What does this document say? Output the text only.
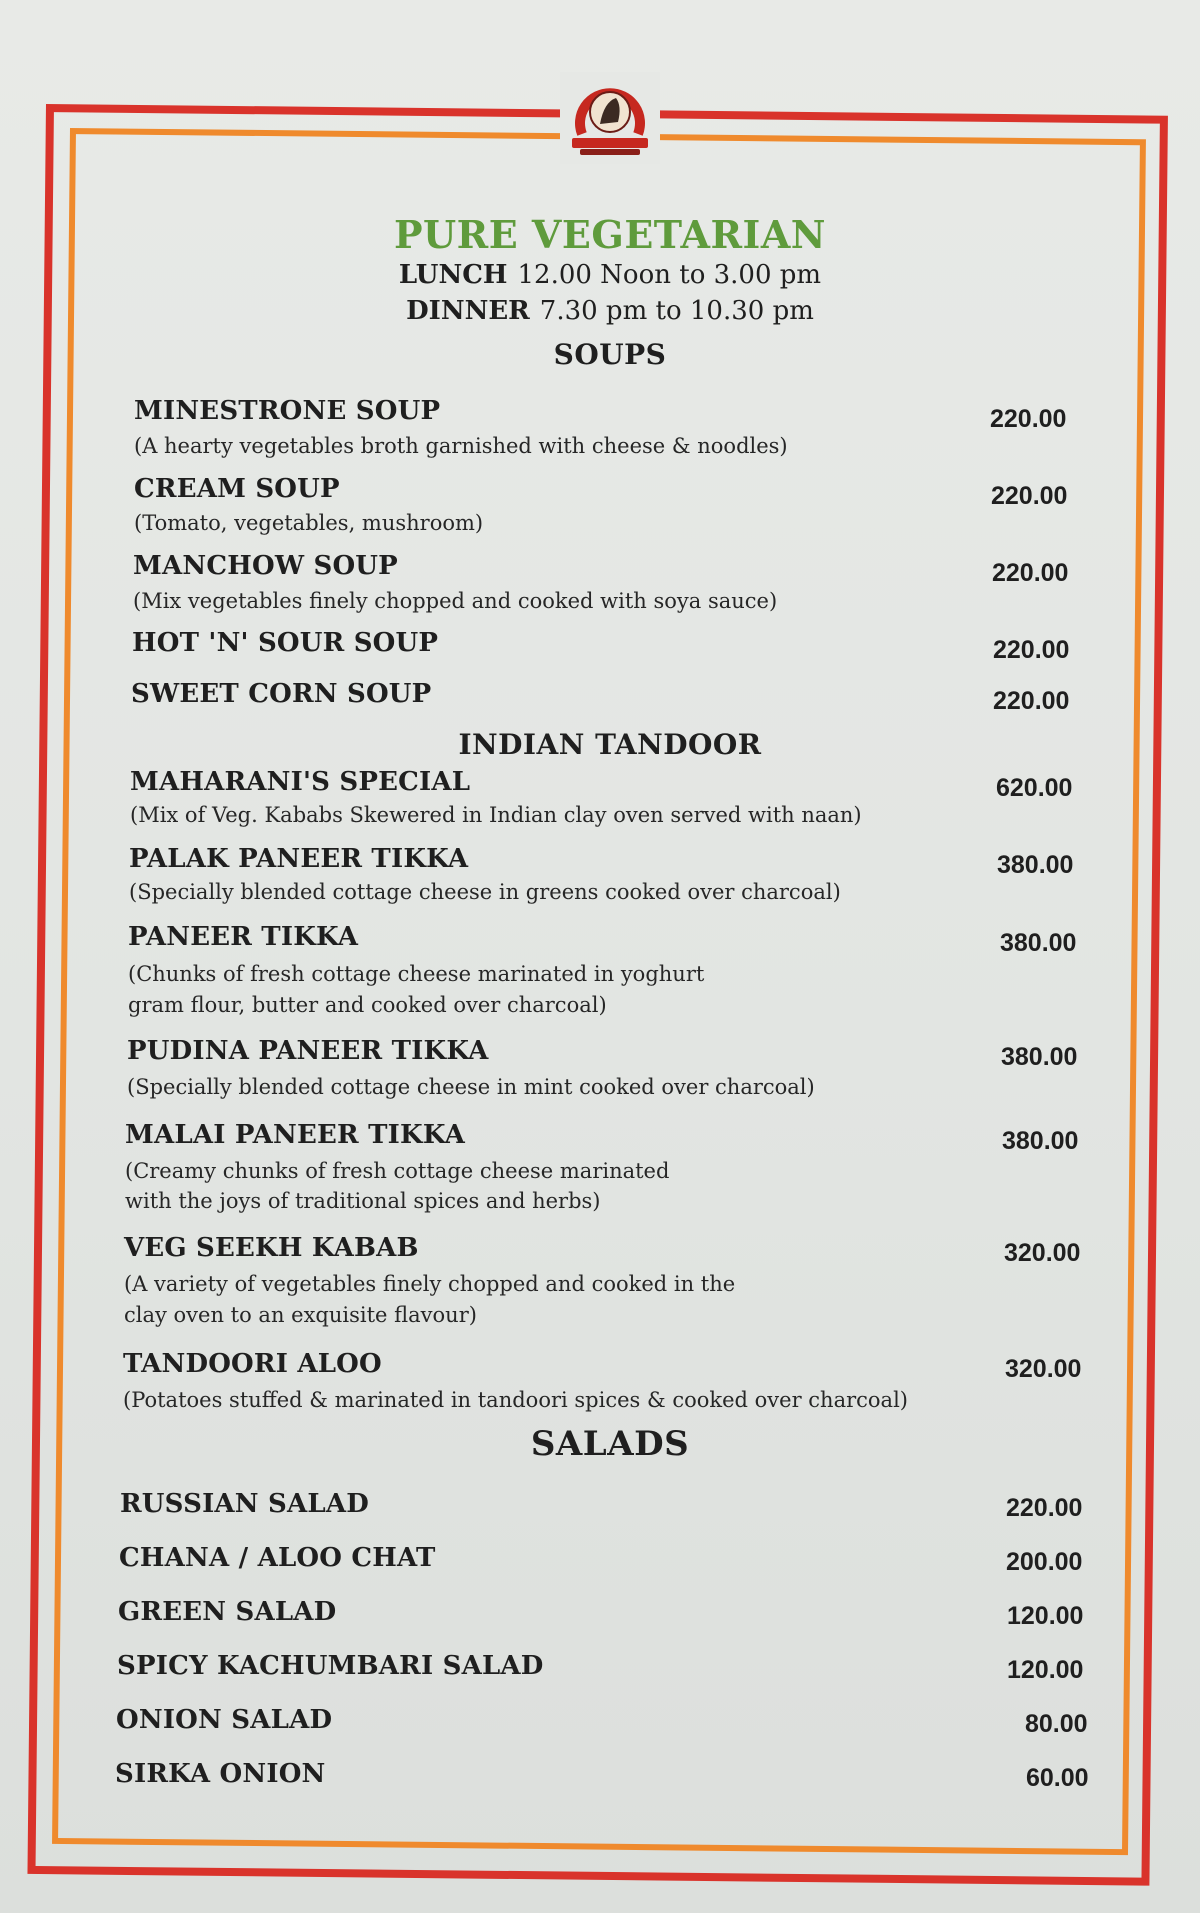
PURE VEGETARIAN
LUNCH 12.00 Noon to 3.00 pm
DINNER 7.30 pm to 10.30 pm
SOUPS
MINESTRONE SOUP
(A hearty vegetables broth garnished with cheese & noodles)
220.00
CREAM SOUP
(Tomato, vegetables, mushroom)
220.00
MANCHOW SOUP
(Mix vegetables finely chopped and cooked with soya sauce)
220.00
HOT 'N' SOUR SOUP	220.00
SWEET CORN SOUP	220.00
INDIAN TANDOOR
MAHARANI'S SPECIAL
(Mix of Veg. Kababs Skewered in Indian clay oven served with naan)
620.00
PALAK PANEER TIKKA
(Specially blended cottage cheese in greens cooked over charcoal)
380.00
PANEER TIKKA
(Chunks of fresh cottage cheese marinated in yoghurt
gram flour, butter and cooked over charcoal)
380.00
PUDINA PANEER TIKKA
(Specially blended cottage cheese in mint cooked over charcoal)
380.00
MALAI PANEER TIKKA
(Creamy chunks of fresh cottage cheese marinated
with the joys of traditional spices and herbs)
380.00
VEG SEEKH KABAB
(A variety of vegetables finely chopped and cooked in the
clay oven to an exquisite flavour)
320.00
TANDOORI ALOO
(Potatoes stuffed & marinated in tandoori spices & cooked over charcoal)
320.00
SALADS
RUSSIAN SALAD	220.00
CHANA / ALOO CHAT	200.00
GREEN SALAD	120.00
SPICY KACHUMBARI SALAD	120.00
ONION SALAD	80.00
SIRKA ONION	60.00
